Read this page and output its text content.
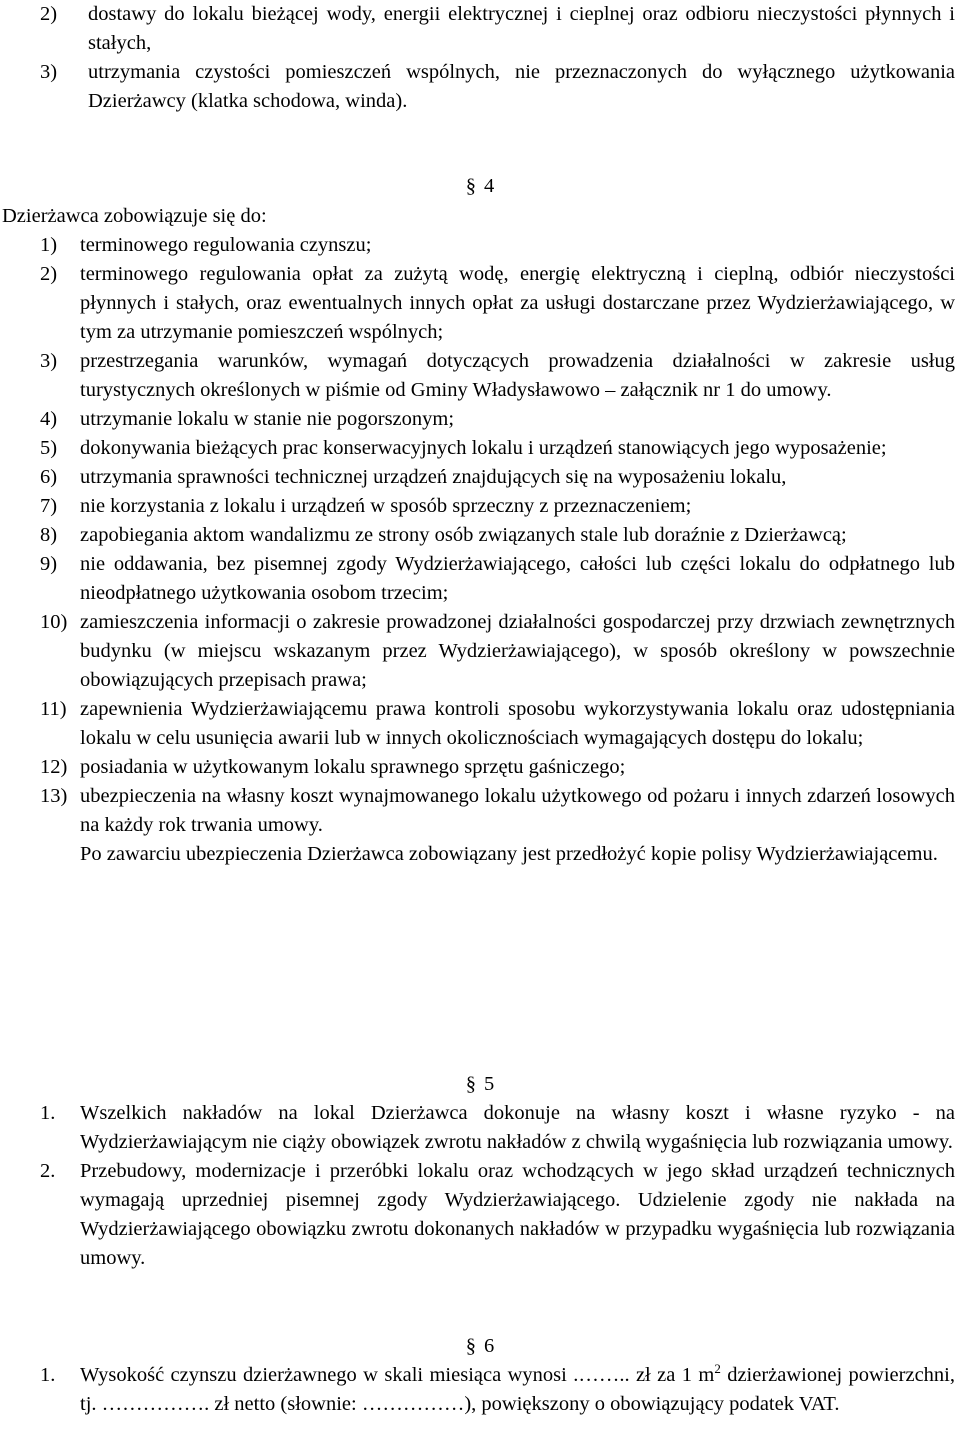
2)	dostawy do lokalu bieżącej wody, energii elektrycznej i cieplnej oraz odbioru nieczystości płynnych i stałych,
3)	utrzymania czystości pomieszczeń wspólnych, nie przeznaczonych do wyłącznego użytkowania Dzierżawcy (klatka schodowa, winda).
§ 4
Dzierżawca zobowiązuje się do:
1) terminowego regulowania czynszu;
2) terminowego regulowania opłat za zużytą wodę, energię elektryczną i cieplną, odbiór nieczystości płynnych i stałych, oraz ewentualnych innych opłat za usługi dostarczane przez Wydzierżawiającego, w tym za utrzymanie pomieszczeń wspólnych;
3) przestrzegania warunków, wymagań dotyczących prowadzenia działalności w zakresie usług turystycznych określonych w piśmie od Gminy Władysławowo – załącznik nr 1 do umowy.
4) utrzymanie lokalu w stanie nie pogorszonym;
5) dokonywania bieżących prac konserwacyjnych lokalu i urządzeń stanowiących jego wyposażenie;
6) utrzymania sprawności technicznej urządzeń znajdujących się na wyposażeniu lokalu,
7) nie korzystania z lokalu i urządzeń w sposób sprzeczny z przeznaczeniem;
8) zapobiegania aktom wandalizmu ze strony osób związanych stale lub doraźnie z Dzierżawcą;
9) nie oddawania, bez pisemnej zgody Wydzierżawiającego, całości lub części lokalu do odpłatnego lub nieodpłatnego użytkowania osobom trzecim;
10) zamieszczenia informacji o zakresie prowadzonej działalności gospodarczej przy drzwiach zewnętrznych budynku (w miejscu wskazanym przez Wydzierżawiającego), w sposób określony w powszechnie obowiązujących przepisach prawa;
11) zapewnienia Wydzierżawiającemu prawa kontroli sposobu wykorzystywania lokalu oraz udostępniania lokalu w celu usunięcia awarii lub w innych okolicznościach wymagających dostępu do lokalu;
12) posiadania w użytkowanym lokalu sprawnego sprzętu gaśniczego;
13) ubezpieczenia na własny koszt wynajmowanego lokalu użytkowego od pożaru i innych zdarzeń losowych na każdy rok trwania umowy.
Po zawarciu ubezpieczenia Dzierżawca zobowiązany jest przedłożyć kopie polisy Wydzierżawiającemu.
§ 5
1. Wszelkich nakładów na lokal Dzierżawca dokonuje na własny koszt i własne ryzyko - na Wydzierżawiającym nie ciąży obowiązek zwrotu nakładów z chwilą wygaśnięcia lub rozwiązania umowy.
2. Przebudowy, modernizacje i przeróbki lokalu oraz wchodzących w jego skład urządzeń technicznych wymagają uprzedniej pisemnej zgody Wydzierżawiającego. Udzielenie zgody nie nakłada na Wydzierżawiającego obowiązku zwrotu dokonanych nakładów w przypadku wygaśnięcia lub rozwiązania umowy.
§ 6
1. Wysokość czynszu dzierżawnego w skali miesiąca wynosi .…….. zł za 1 $m^2$ dzierżawionej powierzchni, tj. ……………. zł netto (słownie: ……………), powiększony o obowiązujący podatek VAT.
